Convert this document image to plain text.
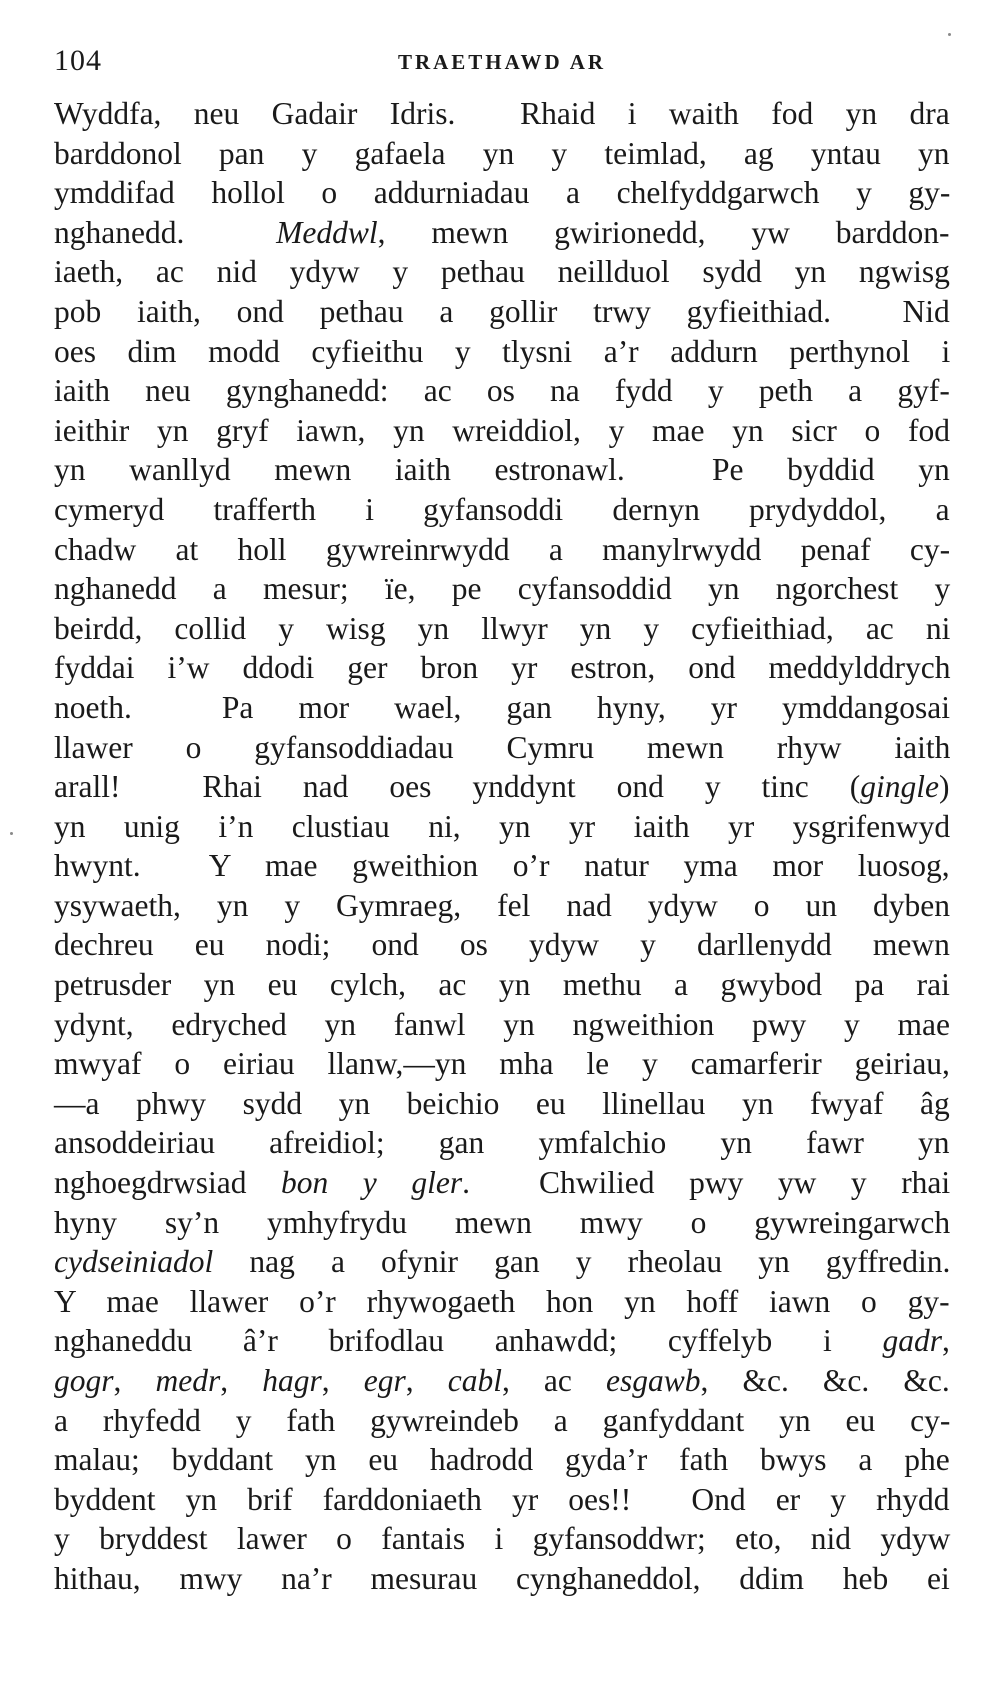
104	TRAETHAWD AR
Wyddfa, neu Gadair Idris.  Rhaid i waith fod yn dra
barddonol pan y gafaela yn y teimlad, ag yntau yn
ymddifad hollol o addurniadau a chelfyddgarwch y gy-
nghanedd.  Meddwl, mewn gwirionedd, yw barddon-
iaeth, ac nid ydyw y pethau neillduol sydd yn ngwisg
pob iaith, ond pethau a gollir trwy gyfieithiad.  Nid
oes dim modd cyfieithu y tlysni a’r addurn perthynol i
iaith neu gynghanedd: ac os na fydd y peth a gyf-
ieithir yn gryf iawn, yn wreiddiol, y mae yn sicr o fod
yn wanllyd mewn iaith estronawl.  Pe byddid yn
cymeryd trafferth i gyfansoddi dernyn prydyddol, a
chadw at holl gywreinrwydd a manylrwydd penaf cy-
nghanedd a mesur; ïe, pe cyfansoddid yn ngorchest y
beirdd, collid y wisg yn llwyr yn y cyfieithiad, ac ni
fyddai i’w ddodi ger bron yr estron, ond meddylddrych
noeth.  Pa mor wael, gan hyny, yr ymddangosai
llawer o gyfansoddiadau Cymru mewn rhyw iaith
arall!  Rhai nad oes ynddynt ond y tinc (gingle)
yn unig i’n clustiau ni, yn yr iaith yr ysgrifenwyd
hwynt.  Y mae gweithion o’r natur yma mor luosog,
ysywaeth, yn y Gymraeg, fel nad ydyw o un dyben
dechreu eu nodi; ond os ydyw y darllenydd mewn
petrusder yn eu cylch, ac yn methu a gwybod pa rai
ydynt, edryched yn fanwl yn ngweithion pwy y mae
mwyaf o eiriau llanw,—yn mha le y camarferir geiriau,
—a phwy sydd yn beichio eu llinellau yn fwyaf âg
ansoddeiriau afreidiol; gan ymfalchio yn fawr yn
nghoegdrwsiad bon y gler.  Chwilied pwy yw y rhai
hyny sy’n ymhyfrydu mewn mwy o gywreingarwch
cydseiniadol nag a ofynir gan y rheolau yn gyffredin.
Y mae llawer o’r rhywogaeth hon yn hoff iawn o gy-
nghaneddu â’r brifodlau anhawdd; cyffelyb i gadr,
gogr, medr, hagr, egr, cabl, ac esgawb, &c. &c. &c.
a rhyfedd y fath gywreindeb a ganfyddant yn eu cy-
malau; byddant yn eu hadrodd gyda’r fath bwys a phe
byddent yn brif farddoniaeth yr oes!!  Ond er y rhydd
y bryddest lawer o fantais i gyfansoddwr; eto, nid ydyw
hithau, mwy na’r mesurau cynghaneddol, ddim heb ei
